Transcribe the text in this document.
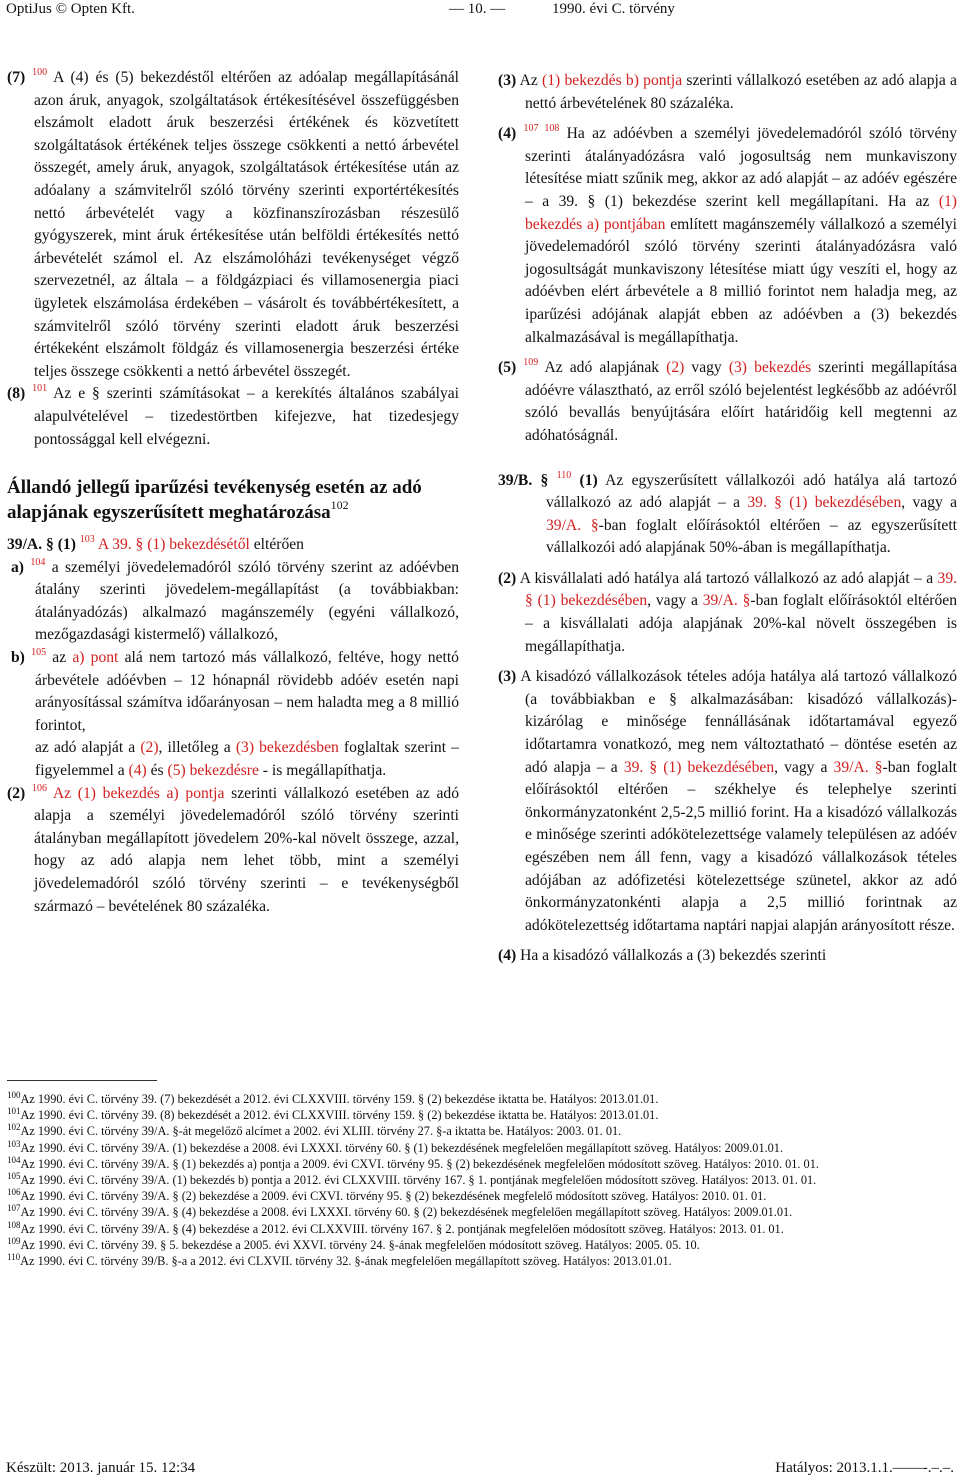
OptiJus © Opten Kft.	— 10. —	1990. évi C. törvény

(7) $^{100}$ A (4) és (5) bekezdéstől eltérően az adóalap megállapításánál azon áruk, anyagok, szolgáltatások értékesítésével összefüggésben elszámolt eladott áruk beszerzési értékének és közvetített szolgáltatások értékének teljes összege csökkenti a nettó árbevétel összegét, amely áruk, anyagok, szolgáltatások értékesítése után az adóalany a számvitelről szóló törvény szerinti exportértékesítés nettó árbevételét vagy a közfinanszírozásban részesülő gyógyszerek, mint áruk értékesítése után belföldi értékesítés nettó árbevételét számol el. Az elszámolóházi tevékenységet végző szervezetnél, az általa – a földgázpiaci és villamosenergia piaci ügyletek elszámolása érdekében – vásárolt és továbbértékesített, a számvitelről szóló törvény szerinti eladott áruk beszerzési értékeként elszámolt földgáz és villamosenergia beszerzési értéke teljes összege csökkenti a nettó árbevétel összegét.

(8) $^{101}$ Az e § szerinti számításokat – a kerekítés általános szabályai alapulvételével – tizedestörtben kifejezve, hat tizedesjegy pontossággal kell elvégezni.

Állandó jellegű iparűzési tevékenység esetén az adó alapjának egyszerűsített meghatározása$^{102}$

39/A. § (1) $^{103}$ A 39. § (1) bekezdésétől eltérően

a) $^{104}$ a személyi jövedelemadóról szóló törvény szerint az adóévben átalány szerinti jövedelem-megállapítást (a továbbiakban: átalányadózás) alkalmazó magánszemély (egyéni vállalkozó, mezőgazdasági kistermelő) vállalkozó,

b) $^{105}$ az a) pont alá nem tartozó más vállalkozó, feltéve, hogy nettó árbevétele adóévben – 12 hónapnál rövidebb adóév esetén napi arányosítással számítva időarányosan – nem haladta meg a 8 millió forintot,

az adó alapját a (2), illetőleg a (3) bekezdésben foglaltak szerint – figyelemmel a (4) és (5) bekezdésre - is megállapíthatja.

(2) $^{106}$ Az (1) bekezdés a) pontja szerinti vállalkozó esetében az adó alapja a személyi jövedelemadóról szóló törvény szerinti átalányban megállapított jövedelem 20%-kal növelt összege, azzal, hogy az adó alapja nem lehet több, mint a személyi jövedelemadóról szóló törvény szerinti – e tevékenységből származó – bevételének 80 százaléka.

(3) Az (1) bekezdés b) pontja szerinti vállalkozó esetében az adó alapja a nettó árbevételének 80 százaléka.

(4) $^{107 108}$ Ha az adóévben a személyi jövedelemadóról szóló törvény szerinti átalányadózásra való jogosultság nem munkaviszony létesítése miatt szűnik meg, akkor az adó alapját – az adóév egészére – a 39. § (1) bekezdése szerint kell megállapítani. Ha az (1) bekezdés a) pontjában említett magánszemély vállalkozó a személyi jövedelemadóról szóló törvény szerinti átalányadózásra való jogosultságát munkaviszony létesítése miatt úgy veszíti el, hogy az adóévben elért árbevétele a 8 millió forintot nem haladja meg, az iparűzési adójának alapját ebben az adóévben a (3) bekezdés alkalmazásával is megállapíthatja.

(5) $^{109}$ Az adó alapjának (2) vagy (3) bekezdés szerinti megállapítása adóévre választható, az erről szóló bejelentést legkésőbb az adóévről szóló bevallás benyújtására előírt határidőig kell megtenni az adóhatóságnál.

39/B. § $^{110}$ (1) Az egyszerűsített vállalkozói adó hatálya alá tartozó vállalkozó az adó alapját – a 39. § (1) bekezdésében, vagy a 39/A. §-ban foglalt előírásoktól eltérően – az egyszerűsített vállalkozói adó alapjának 50%-ában is megállapíthatja.

(2) A kisvállalati adó hatálya alá tartozó vállalkozó az adó alapját – a 39. § (1) bekezdésében, vagy a 39/A. §-ban foglalt előírásoktól eltérően – a kisvállalati adója alapjának 20%-kal növelt összegében is megállapíthatja.

(3) A kisadózó vállalkozások tételes adója hatálya alá tartozó vállalkozó (a továbbiakban e § alkalmazásában: kisadózó vállalkozás)- kizárólag e minősége fennállásának időtartamával egyező időtartamra vonatkozó, meg nem változtatható – döntése esetén az adó alapja – a 39. § (1) bekezdésében, vagy a 39/A. §-ban foglalt előírásoktól eltérően – székhelye és telephelye szerinti önkormányzatonként 2,5-2,5 millió forint. Ha a kisadózó vállalkozás e minősége szerinti adókötelezettsége valamely településen az adóév egészében nem áll fenn, vagy a kisadózó vállalkozások tételes adójában az adófizetési kötelezettsége szünetel, akkor az adó önkormányzatonkénti alapja a 2,5 millió forintnak az adókötelezettség időtartama naptári napjai alapján arányosított része.

(4) Ha a kisadózó vállalkozás a (3) bekezdés szerinti

$^{100}$Az 1990. évi C. törvény 39. (7) bekezdését a 2012. évi CLXXVIII. törvény 159. § (2) bekezdése iktatta be. Hatályos: 2013.01.01.

$^{101}$Az 1990. évi C. törvény 39. (8) bekezdését a 2012. évi CLXXVIII. törvény 159. § (2) bekezdése iktatta be. Hatályos: 2013.01.01.

$^{102}$Az 1990. évi C. törvény 39/A. §-át megelőző alcímet a 2002. évi XLIII. törvény 27. §-a iktatta be. Hatályos: 2003. 01. 01.

$^{103}$Az 1990. évi C. törvény 39/A. (1) bekezdése a 2008. évi LXXXI. törvény 60. § (1) bekezdésének megfelelően megállapított szöveg. Hatályos: 2009.01.01.

$^{104}$Az 1990. évi C. törvény 39/A. § (1) bekezdés a) pontja a 2009. évi CXVI. törvény 95. § (2) bekezdésének megfelelően módosított szöveg. Hatályos: 2010. 01. 01.

$^{105}$Az 1990. évi C. törvény 39/A. (1) bekezdés b) pontja a 2012. évi CLXXVIII. törvény 167. § 1. pontjának megfelelően módosított szöveg. Hatályos: 2013. 01. 01.

$^{106}$Az 1990. évi C. törvény 39/A. § (2) bekezdése a 2009. évi CXVI. törvény 95. § (2) bekezdésének megfelelő módosított szöveg. Hatályos: 2010. 01. 01.

$^{107}$Az 1990. évi C. törvény 39/A. § (4) bekezdése a 2008. évi LXXXI. törvény 60. § (2) bekezdésének megfelelően megállapított szöveg. Hatályos: 2009.01.01.

$^{108}$Az 1990. évi C. törvény 39/A. § (4) bekezdése a 2012. évi CLXXVIII. törvény 167. § 2. pontjának megfelelően módosított szöveg. Hatályos: 2013. 01. 01.

$^{109}$Az 1990. évi C. törvény 39. § 5. bekezdése a 2005. évi XXVI. törvény 24. §-ának megfelelően módosított szöveg. Hatályos: 2005. 05. 10.

$^{110}$Az 1990. évi C. törvény 39/B. §-a a 2012. évi CLXVII. törvény 32. §-ának megfelelően megállapított szöveg. Hatályos: 2013.01.01.

Készült: 2013. január 15. 12:34	Hatályos: 2013.1.1.——-.–.–.
